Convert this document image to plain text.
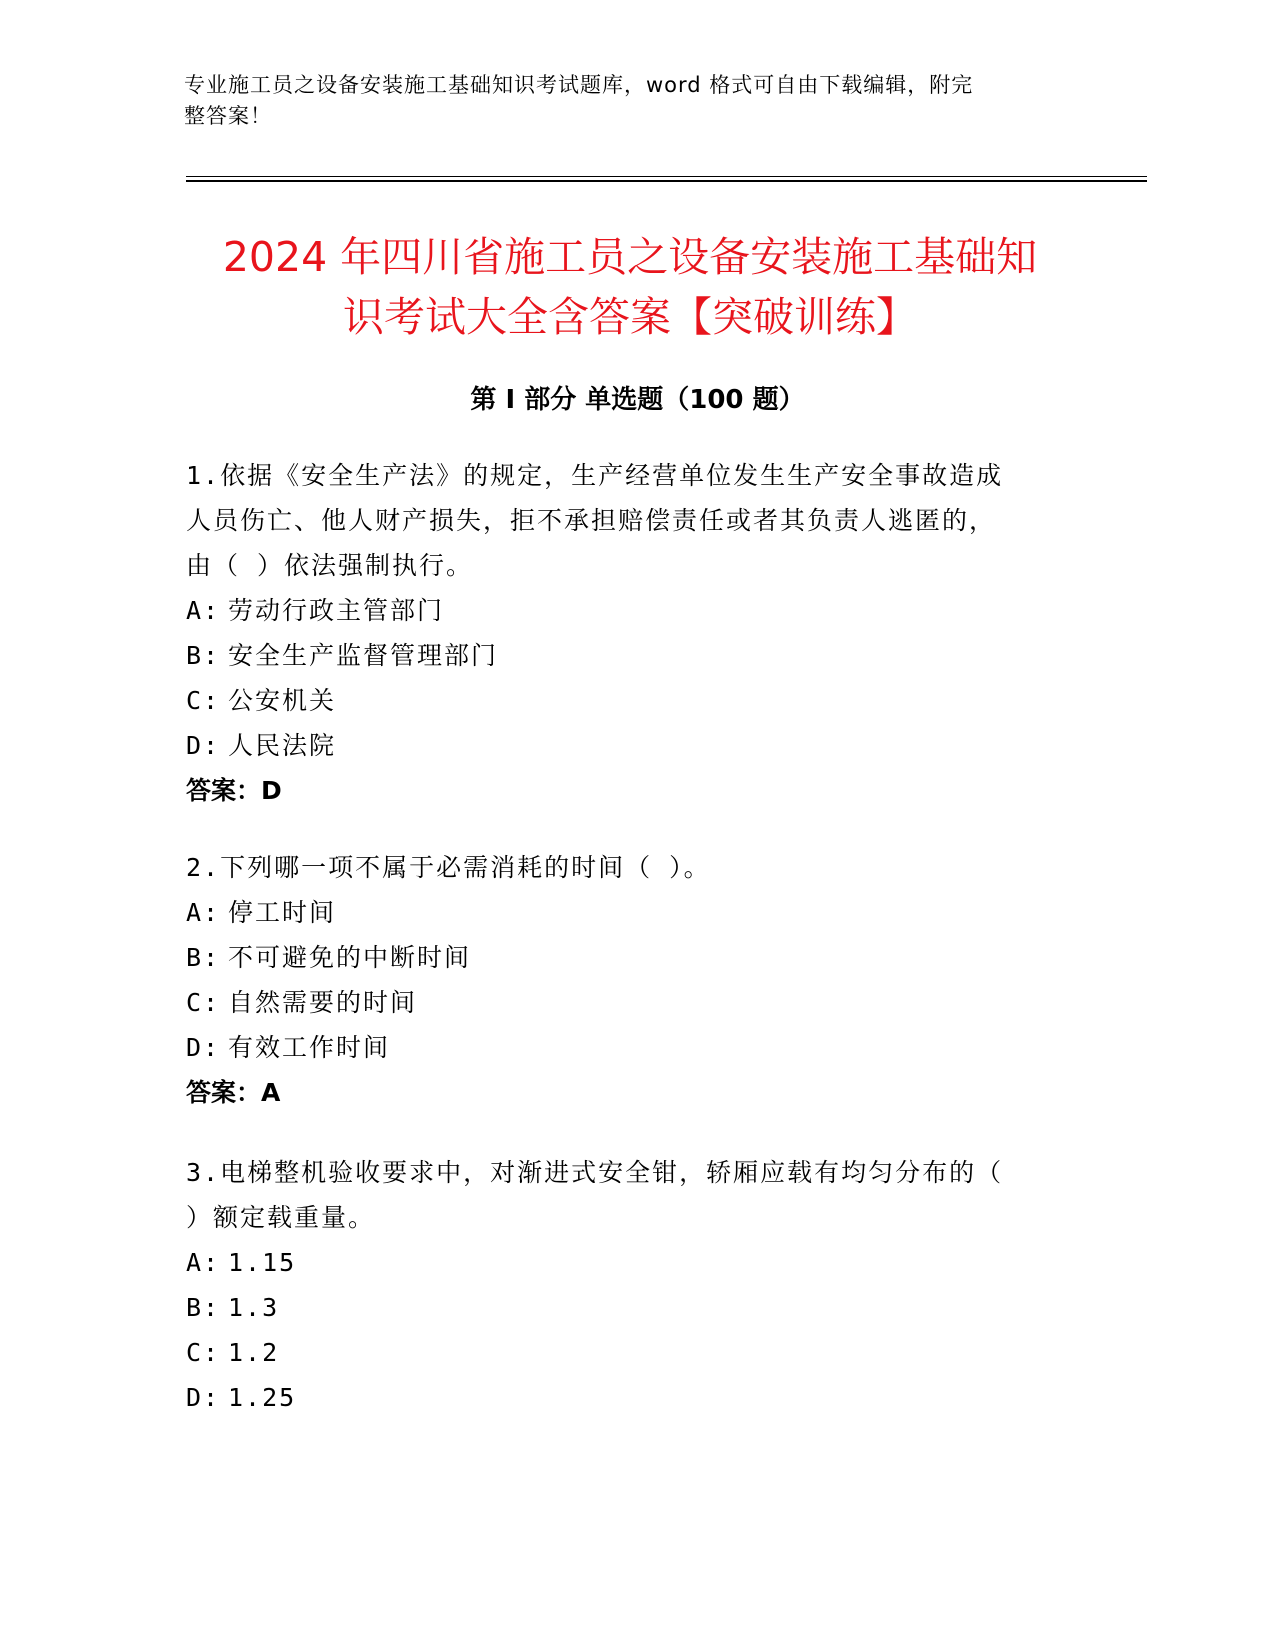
专业施工员之设备安装施工基础知识考试题库，word 格式可自由下载编辑，附完
整答案！
2024 年四川省施工员之设备安装施工基础知
识考试大全含答案【突破训练】
第 I 部分 单选题（100 题）
1.依据《安全生产法》的规定，生产经营单位发生生产安全事故造成
人员伤亡、他人财产损失，拒不承担赔偿责任或者其负责人逃匿的，
由（ ）依法强制执行。
A: 劳动行政主管部门
B: 安全生产监督管理部门
C: 公安机关
D: 人民法院
答案：D
2.下列哪一项不属于必需消耗的时间（ ）。
A: 停工时间
B: 不可避免的中断时间
C: 自然需要的时间
D: 有效工作时间
答案：A
3.电梯整机验收要求中，对渐进式安全钳，轿厢应载有均匀分布的（
）额定载重量。
A: 1.15
B: 1.3
C: 1.2
D: 1.25
